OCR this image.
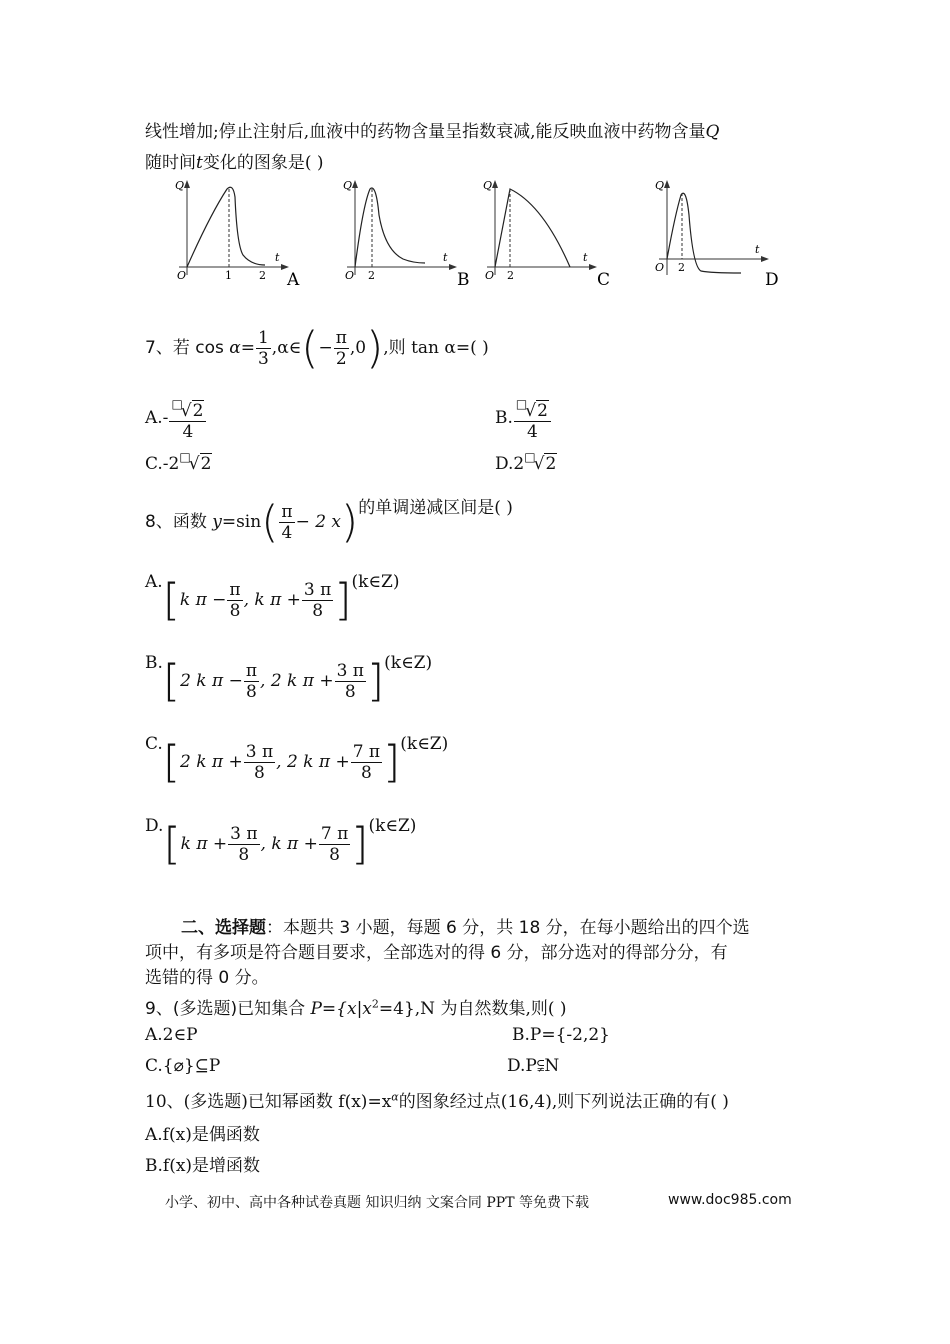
线性增加;停止注射后,血液中的药物含量呈指数衰减,能反映血液中药物含量Q
随时间t变化的图象是( )
Q
t
O	1 2 A
Q
t
O 2	B
Q
t
O 2	C
Q
t
O 2
D
7、若 $\cos \alpha= \frac{1}{3}$ ,α∈(− $\frac{\pi}{2} ,0$),则 tan α=( )
$A.- \frac{^□√2}{4}$	B. $\frac{^□√2}{4}$
C.-2□√2	D.2□√2
8、函数 $y=\sin( \frac{\pi}{4} - 2$ x)的单调递减区间是( )
A.[k $\pi - \frac{\pi}{8}$ , k $\pi + \frac{3 \pi}{8}$ ](k∈Z)
B.[2 k $\pi - \frac{\pi}{8}$ , 2 k $\pi + \frac{3 \pi}{8}$ ](k∈Z)
C.[2 k $\pi + \frac{3 \pi}{8}$ , 2 k $\pi + \frac{7 \pi}{8}$ ](k∈Z)
D.[k $\pi + \frac{3 \pi}{8}$ , k $\pi + \frac{7 \pi}{8}$ ](k∈Z)
二、选择题：本题共 3 小题，每题 6 分，共 18 分，在每小题给出的四个选
项中，有多项是符合题目要求，全部选对的得 6 分，部分选对的得部分分，有
选错的得 0 分。
9、(多选题)已知集合 $P=\{x|x^2=4\},N$ 为自然数集,则( )
A.2∈P	B.P={-2,2}
C.{⌀}⊆P	D.P⫋N
10、(多选题)已知幂函数 $f(x)=x^\alpha$的图象经过点(16,4),则下列说法正确的有( )
A.f(x)是偶函数
B.f(x)是增函数
小学、初中、高中各种试卷真题 知识归纳 文案合同 PPT 等免费下载	www.doc985.com
